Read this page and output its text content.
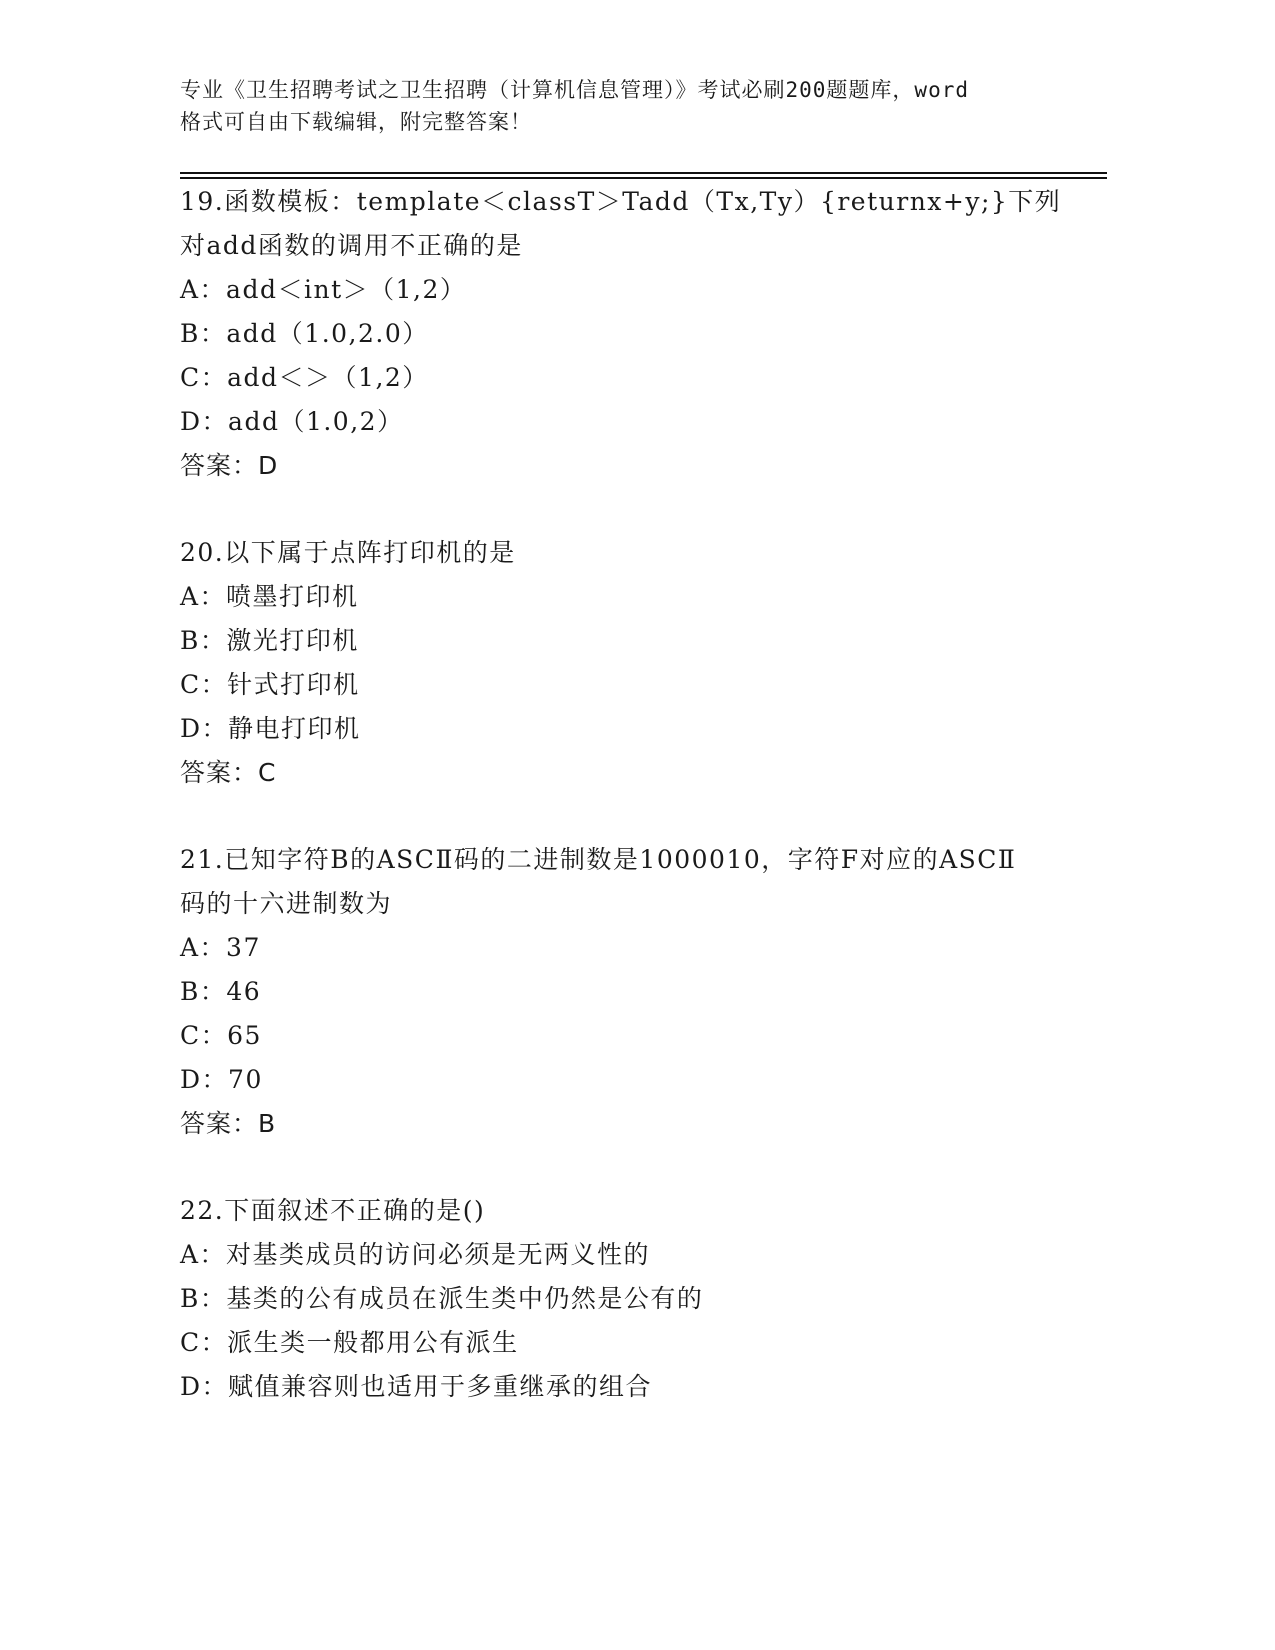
专业《卫生招聘考试之卫生招聘（计算机信息管理）》考试必刷200题题库，word
格式可自由下载编辑，附完整答案！
19.函数模板：template＜classT＞Tadd（Tx,Ty）{returnx+y;}下列
对add函数的调用不正确的是
A：add＜int＞（1,2）
B：add（1.0,2.0）
C：add＜＞（1,2）
D：add（1.0,2）
答案：D
20.以下属于点阵打印机的是
A：喷墨打印机
B：激光打印机
C：针式打印机
D：静电打印机
答案：C
21.已知字符B的ASCⅡ码的二进制数是1000010，字符F对应的ASCⅡ
码的十六进制数为
A：37
B：46
C：65
D：70
答案：B
22.下面叙述不正确的是()
A：对基类成员的访问必须是无两义性的
B：基类的公有成员在派生类中仍然是公有的
C：派生类一般都用公有派生
D：赋值兼容则也适用于多重继承的组合
